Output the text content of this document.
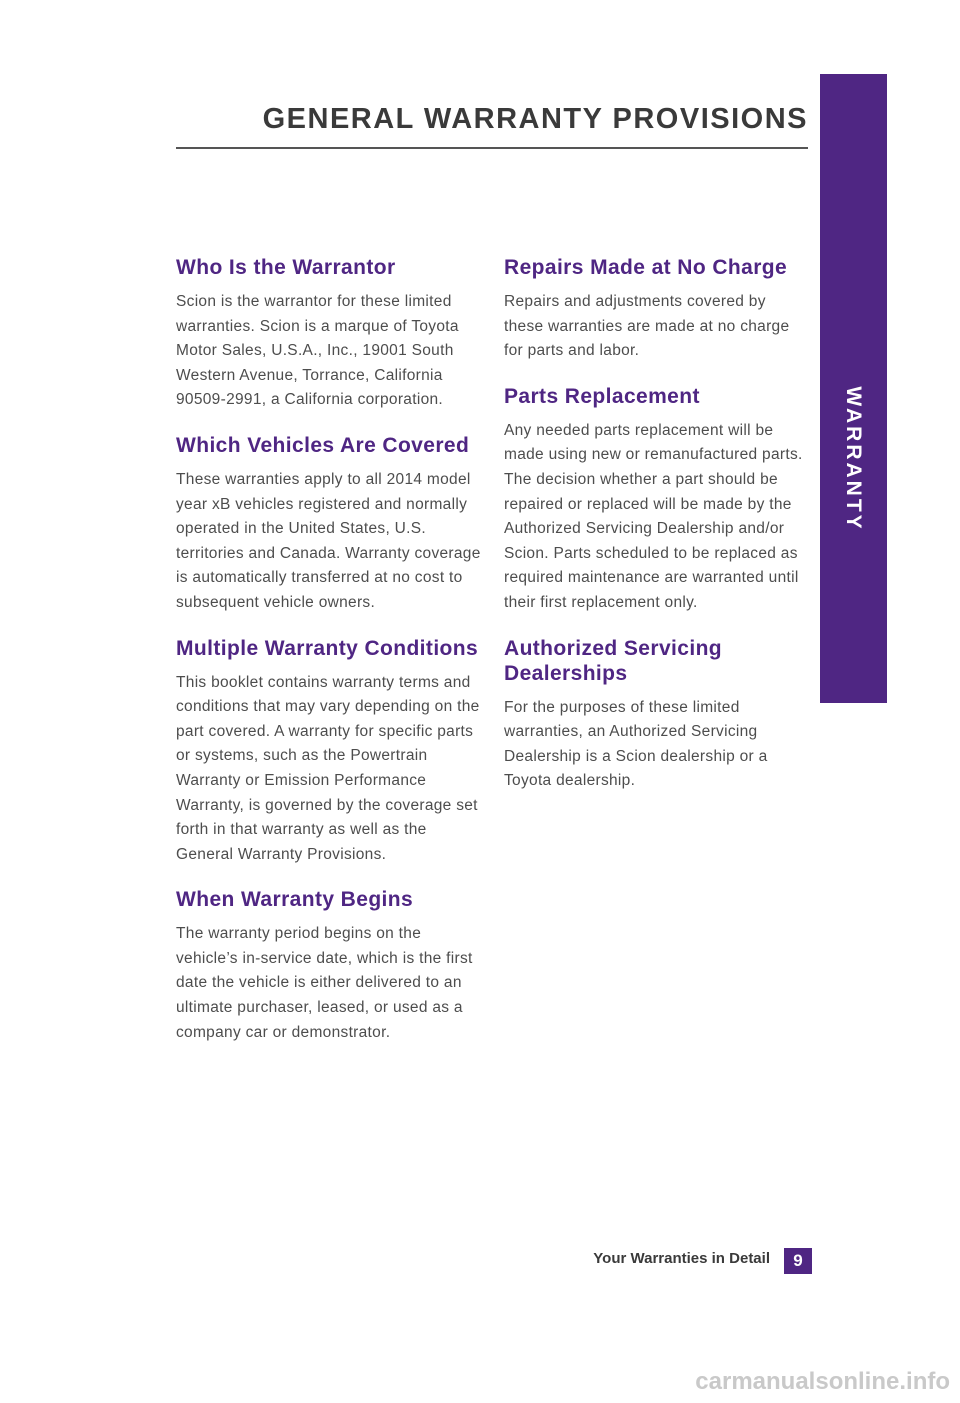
WARRANTY
GENERAL WARRANTY PROVISIONS
Who Is the Warrantor

Scion is the warrantor for these limited warranties. Scion is a marque of Toyota Motor Sales, U.S.A., Inc., 19001 South Western Avenue, Torrance, California 90509-2991, a California corporation.

Which Vehicles Are Covered

These warranties apply to all 2014 model year xB vehicles registered and normally operated in the United States, U.S. territories and Canada. Warranty coverage is automatically transferred at no cost to subsequent vehicle owners.

Multiple Warranty Conditions

This booklet contains warranty terms and conditions that may vary depending on the part covered. A warranty for specific parts or systems, such as the Powertrain Warranty or Emission Performance Warranty, is governed by the coverage set forth in that warranty as well as the General Warranty Provisions.

When Warranty Begins

The warranty period begins on the vehicle’s in-service date, which is the first date the vehicle is either delivered to an ultimate purchaser, leased, or used as a company car or demonstrator.

Repairs Made at No Charge

Repairs and adjustments covered by these warranties are made at no charge for parts and labor.

Parts Replacement

Any needed parts replacement will be made using new or remanufactured parts. The decision whether a part should be repaired or replaced will be made by the Authorized Servicing Dealership and/or Scion. Parts scheduled to be replaced as required maintenance are warranted until their first replacement only.

Authorized Servicing Dealerships

For the purposes of these limited warranties, an Authorized Servicing Dealership is a Scion dealership or a Toyota dealership.

Your Warranties in Detail	9
carmanualsonline.info
